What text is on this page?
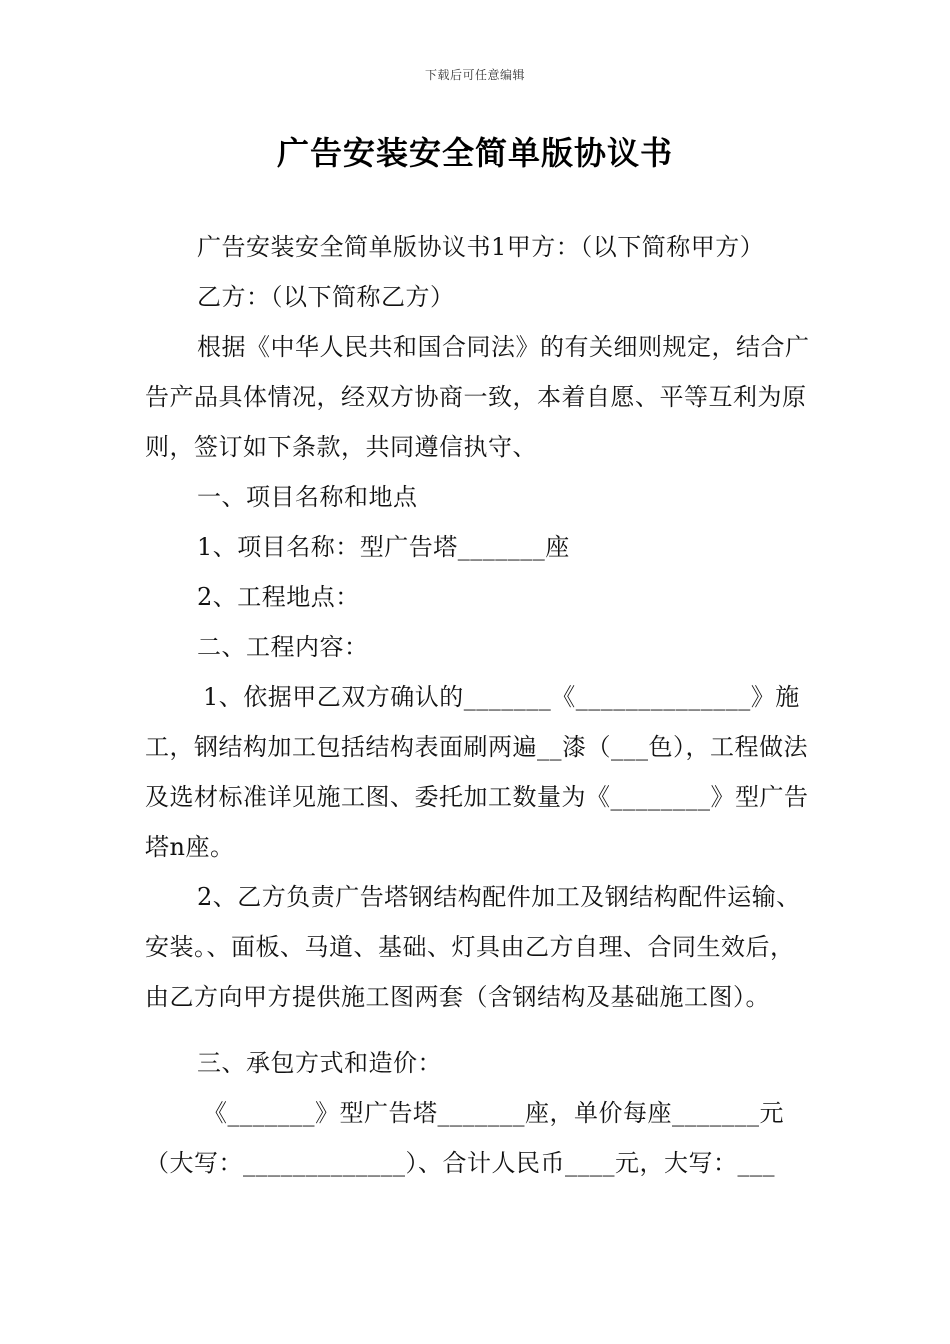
下载后可任意编辑
广告安装安全简单版协议书

广告安装安全简单版协议书1甲方：（以下简称甲方）

乙方：（以下简称乙方）

根据《中华人民共和国合同法》的有关细则规定，结合广告产品具体情况，经双方协商一致，本着自愿、平等互利为原则，签订如下条款，共同遵信执守、

一、项目名称和地点

1、项目名称：型广告塔_______座

2、工程地点：

二、工程内容：

1、依据甲乙双方确认的_______《______________》施工，钢结构加工包括结构表面刷两遍__漆（___色），工程做法及选材标准详见施工图、委托加工数量为《________》型广告塔n座。

2、乙方负责广告塔钢结构配件加工及钢结构配件运输、安装。、面板、马道、基础、灯具由乙方自理、合同生效后，由乙方向甲方提供施工图两套（含钢结构及基础施工图）。

三、承包方式和造价：

《_______》型广告塔_______座，单价每座_______元（大写：_____________）、合计人民币____元，大写：___
